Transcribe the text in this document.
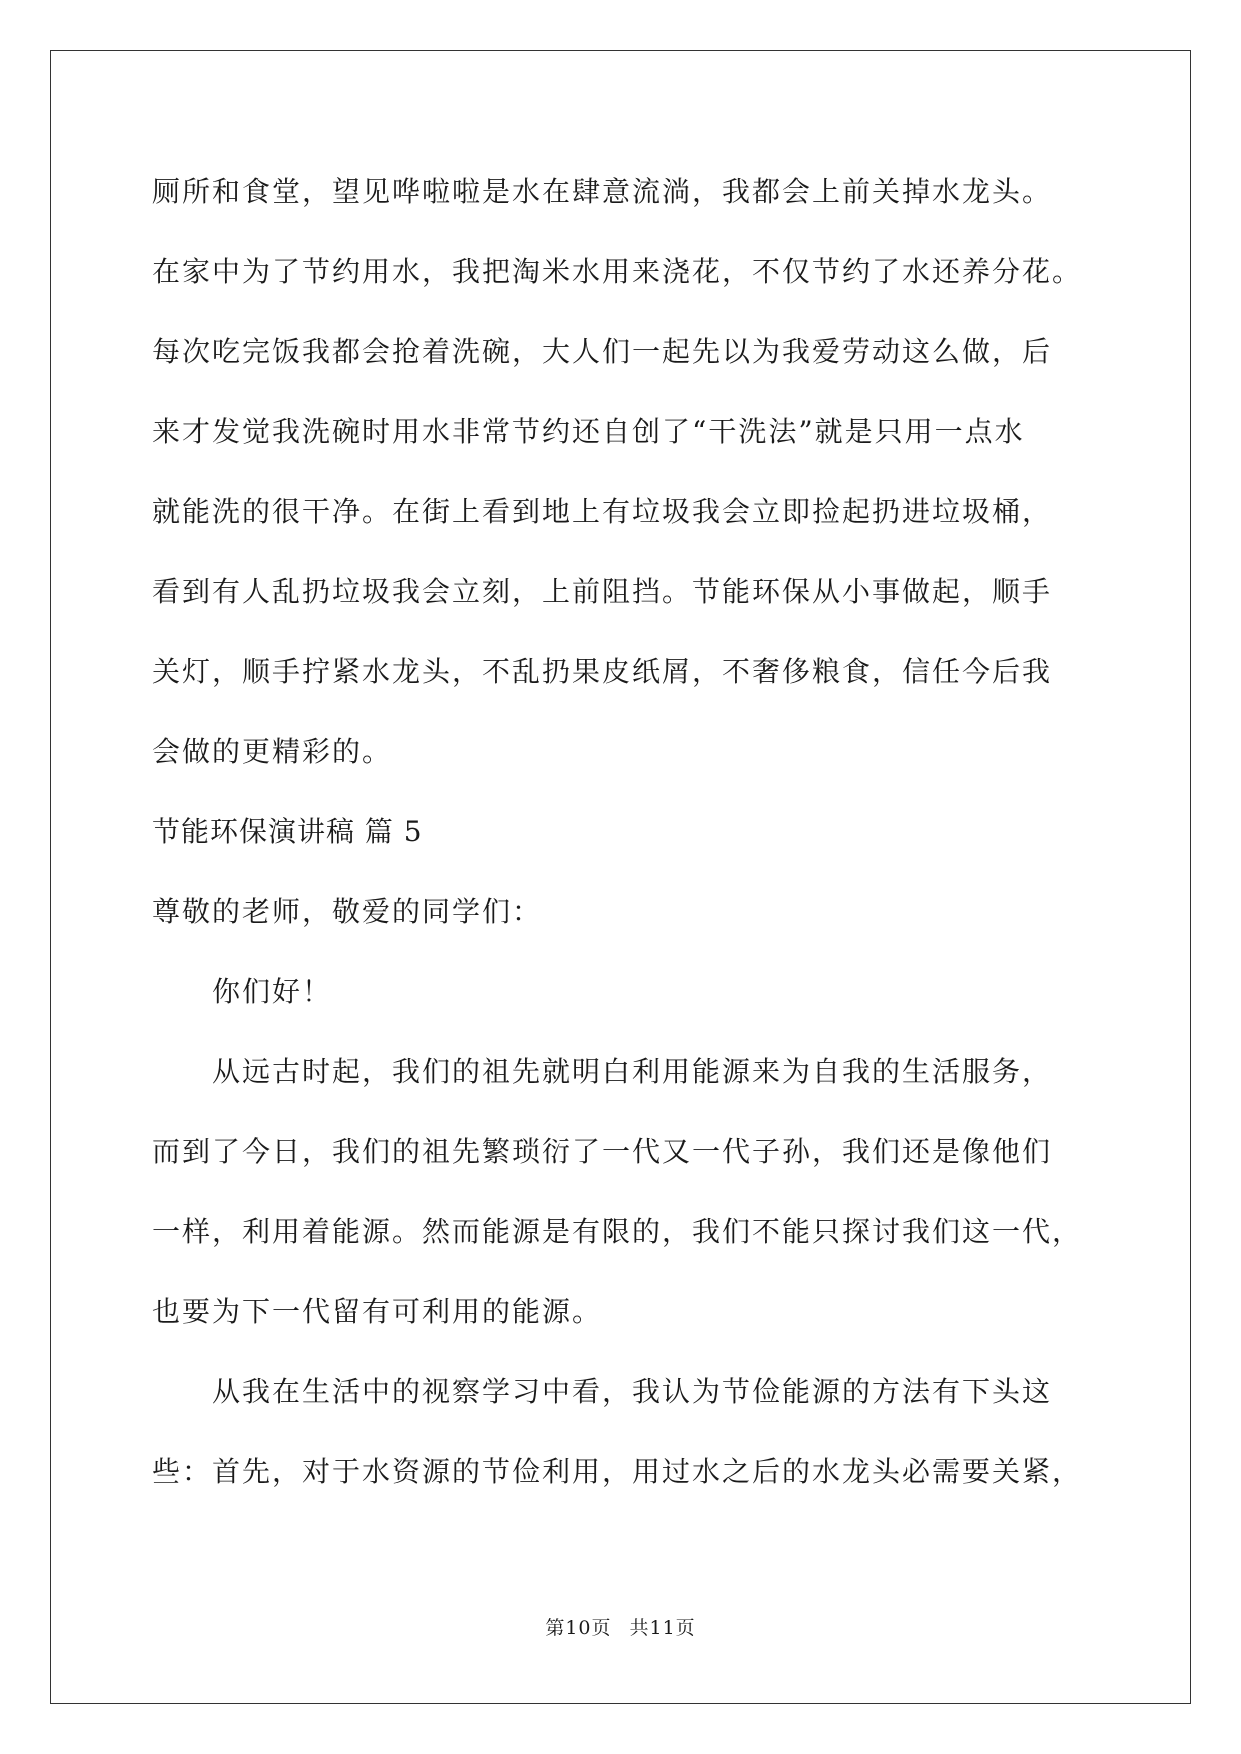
厕所和食堂，望见哗啦啦是水在肆意流淌，我都会上前关掉水龙头。
在家中为了节约用水，我把淘米水用来浇花，不仅节约了水还养分花。
每次吃完饭我都会抢着洗碗，大人们一起先以为我爱劳动这么做，后
来才发觉我洗碗时用水非常节约还自创了“干洗法”就是只用一点水
就能洗的很干净。在街上看到地上有垃圾我会立即捡起扔进垃圾桶，
看到有人乱扔垃圾我会立刻，上前阻挡。节能环保从小事做起，顺手
关灯，顺手拧紧水龙头，不乱扔果皮纸屑，不奢侈粮食，信任今后我
会做的更精彩的。
节能环保演讲稿 篇 5
尊敬的老师，敬爱的同学们：
你们好！
从远古时起，我们的祖先就明白利用能源来为自我的生活服务，
而到了今日，我们的祖先繁琐衍了一代又一代子孙，我们还是像他们
一样，利用着能源。然而能源是有限的，我们不能只探讨我们这一代，
也要为下一代留有可利用的能源。
从我在生活中的视察学习中看，我认为节俭能源的方法有下头这
些：首先，对于水资源的节俭利用，用过水之后的水龙头必需要关紧，
第10页 共11页
